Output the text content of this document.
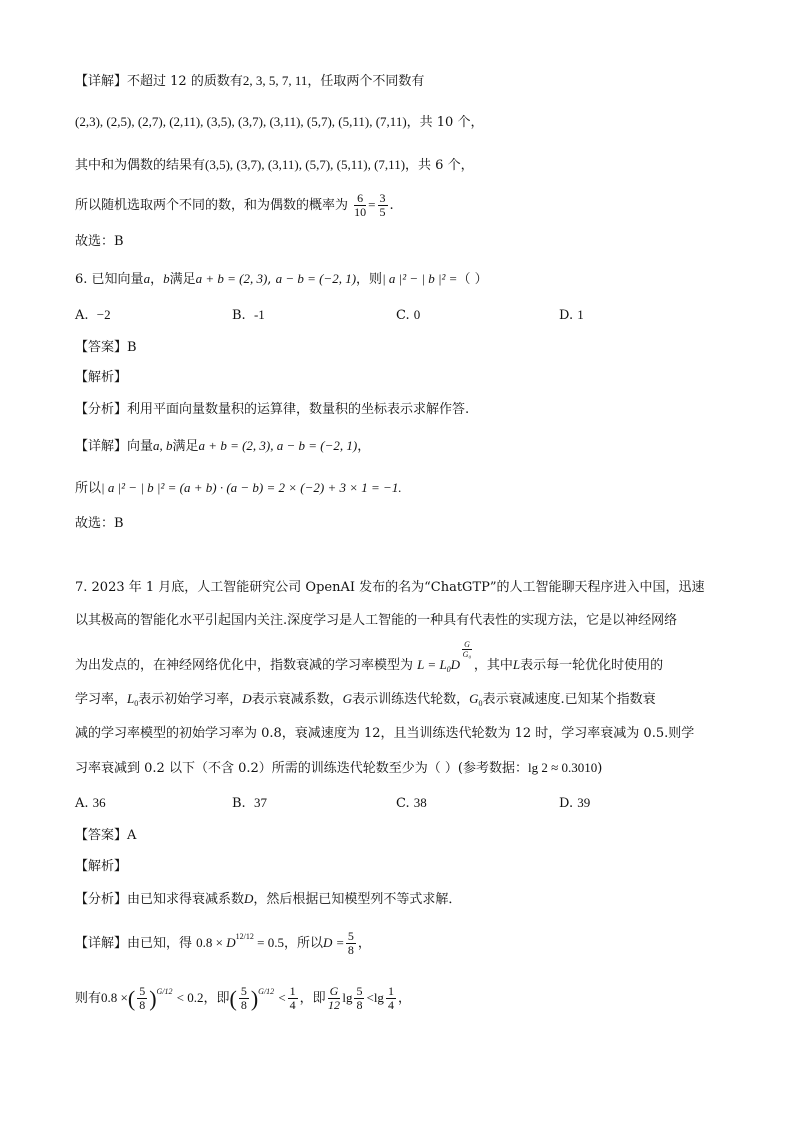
【详解】不超过 12 的质数有2, 3, 5, 7, 11，任取两个不同数有
(2,3), (2,5), (2,7), (2,11), (3,5), (3,7), (3,11), (5,7), (5,11), (7,11)，共 10 个，
其中和为偶数的结果有(3,5), (3,7), (3,11), (5,7), (5,11), (7,11)，共 6 个，
所以随机选取两个不同的数，和为偶数的概率为 $\frac{6}{10} = \frac{3}{5}$ .
故选：B
6. 已知向量a，b满足a + b = (2, 3), a − b = (−2, 1)，则| a |² − | b |² =（ ）
A. −2	B. -1	C. 0	D. 1
【答案】B
【解析】
【分析】利用平面向量数量积的运算律，数量积的坐标表示求解作答.
【详解】向量a, b满足a + b = (2, 3), a − b = (−2, 1)，
所以| a |² − | b |² = (a + b) · (a − b) = 2 × (−2) + 3 × 1 = −1.
故选：B
7. 2023 年 1 月底，人工智能研究公司 OpenAI 发布的名为“ChatGTP”的人工智能聊天程序进入中国，迅速
以其极高的智能化水平引起国内关注.深度学习是人工智能的一种具有代表性的实现方法，它是以神经网络
为出发点的，在神经网络优化中，指数衰减的学习率模型为 $L = L_0D$
$\frac{G}{\text{G₀}}$
，其中L表示每一轮优化时使用的
学习率，$L_0$表示初始学习率，D表示衰减系数，G表示训练迭代轮数，$G_0$表示衰减速度.已知某个指数衰
减的学习率模型的初始学习率为 0.8，衰减速度为 12，且当训练迭代轮数为 12 时，学习率衰减为 0.5.则学
习率衰减到 0.2 以下（不含 0.2）所需的训练迭代轮数至少为（ ）(参考数据：lg 2 ≈ 0.3010)
A. 36	B. 37	C. 38	D. 39
【答案】A
【解析】
【分析】由已知求得衰减系数D，然后根据已知模型列不等式求解．
【详解】由已知，得 $0.8 \times D^{12/12} = 0.5$，所以$D = \frac{5}{8}$ ，
则有0.8 ×( $\frac{5}{8} )^{G/12} < 0.2$，即( $\frac{5}{8} )^{G/12} < \frac{1}{4}$ ，即 $\frac{G}{12}$ $\lg \frac{5}{8} <\lg \frac{1}{4}$ ，
